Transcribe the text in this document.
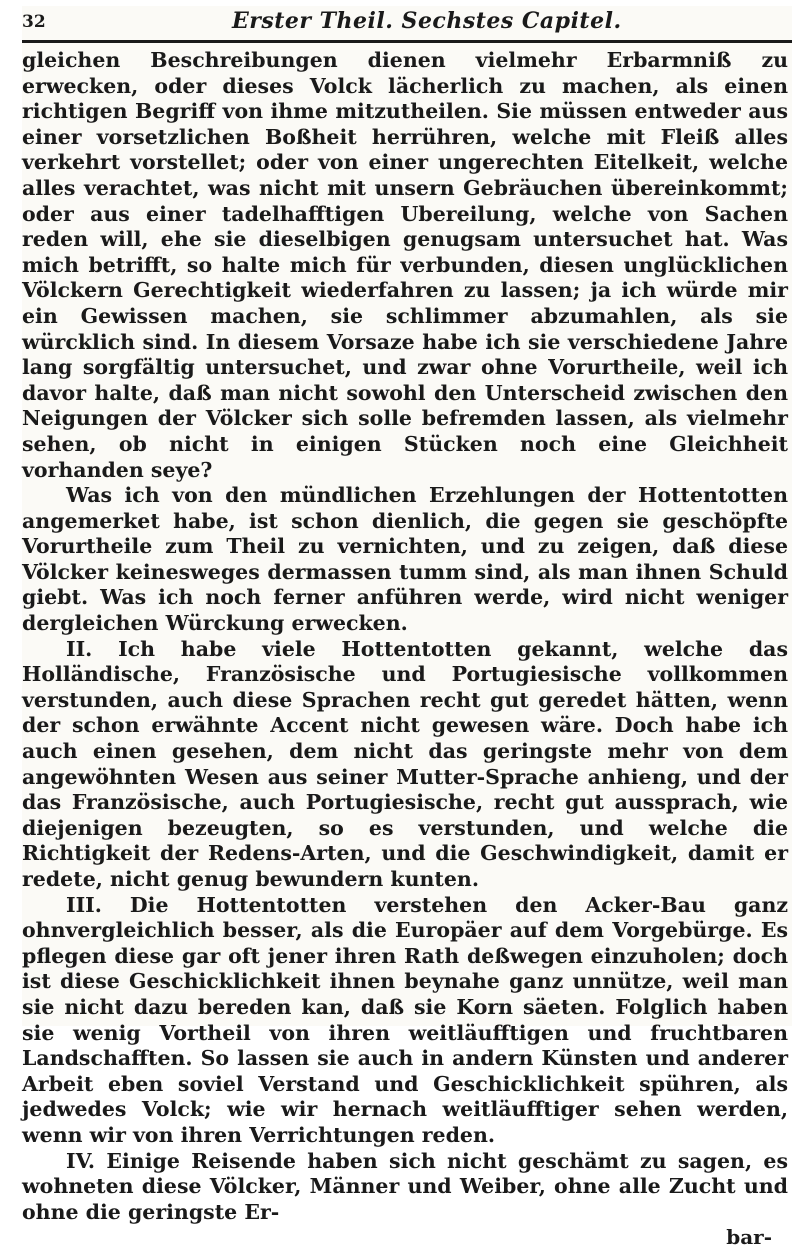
32	Erster Theil. Sechstes Capitel.

gleichen Beschreibungen dienen vielmehr Erbarmniß zu erwecken, oder dieses Volck lächerlich zu machen, als einen richtigen Begriff von ihme mitzutheilen. Sie müssen entweder aus einer vorsetzlichen Boßheit herrühren, welche mit Fleiß alles verkehrt vorstellet; oder von einer ungerechten Eitelkeit, welche alles verachtet, was nicht mit unsern Gebräuchen übereinkommt; oder aus einer tadelhafftigen Ubereilung, welche von Sachen reden will, ehe sie dieselbigen genugsam untersuchet hat. Was mich betrifft, so halte mich für verbunden, diesen unglücklichen Völckern Gerechtigkeit wiederfahren zu lassen; ja ich würde mir ein Gewissen machen, sie schlimmer abzumahlen, als sie würcklich sind. In diesem Vorsaze habe ich sie verschiedene Jahre lang sorgfältig untersuchet, und zwar ohne Vorurtheile, weil ich davor halte, daß man nicht sowohl den Unterscheid zwischen den Neigungen der Völcker sich solle befremden lassen, als vielmehr sehen, ob nicht in einigen Stücken noch eine Gleichheit vorhanden seye?

Was ich von den mündlichen Erzehlungen der Hottentotten angemerket habe, ist schon dienlich, die gegen sie geschöpfte Vorurtheile zum Theil zu vernichten, und zu zeigen, daß diese Völcker keinesweges dermassen tumm sind, als man ihnen Schuld giebt. Was ich noch ferner anführen werde, wird nicht weniger dergleichen Würckung erwecken.

II. Ich habe viele Hottentotten gekannt, welche das Holländische, Französische und Portugiesische vollkommen verstunden, auch diese Sprachen recht gut geredet hätten, wenn der schon erwähnte Accent nicht gewesen wäre. Doch habe ich auch einen gesehen, dem nicht das geringste mehr von dem angewöhnten Wesen aus seiner Mutter-Sprache anhieng, und der das Französische, auch Portugiesische, recht gut aussprach, wie diejenigen bezeugten, so es verstunden, und welche die Richtigkeit der Redens-Arten, und die Geschwindigkeit, damit er redete, nicht genug bewundern kunten.

III. Die Hottentotten verstehen den Acker-Bau ganz ohnvergleichlich besser, als die Europäer auf dem Vorgebürge. Es pflegen diese gar oft jener ihren Rath deßwegen einzuholen; doch ist diese Geschicklichkeit ihnen beynahe ganz unnütze, weil man sie nicht dazu bereden kan, daß sie Korn säeten. Folglich haben sie wenig Vortheil von ihren weitläufftigen und fruchtbaren Landschafften. So lassen sie auch in andern Künsten und anderer Arbeit eben soviel Verstand und Geschicklichkeit spühren, als jedwedes Volck; wie wir hernach weitläufftiger sehen werden, wenn wir von ihren Verrichtungen reden.

IV. Einige Reisende haben sich nicht geschämt zu sagen, es wohneten diese Völcker, Männer und Weiber, ohne alle Zucht und ohne die geringste Er-

bar-
